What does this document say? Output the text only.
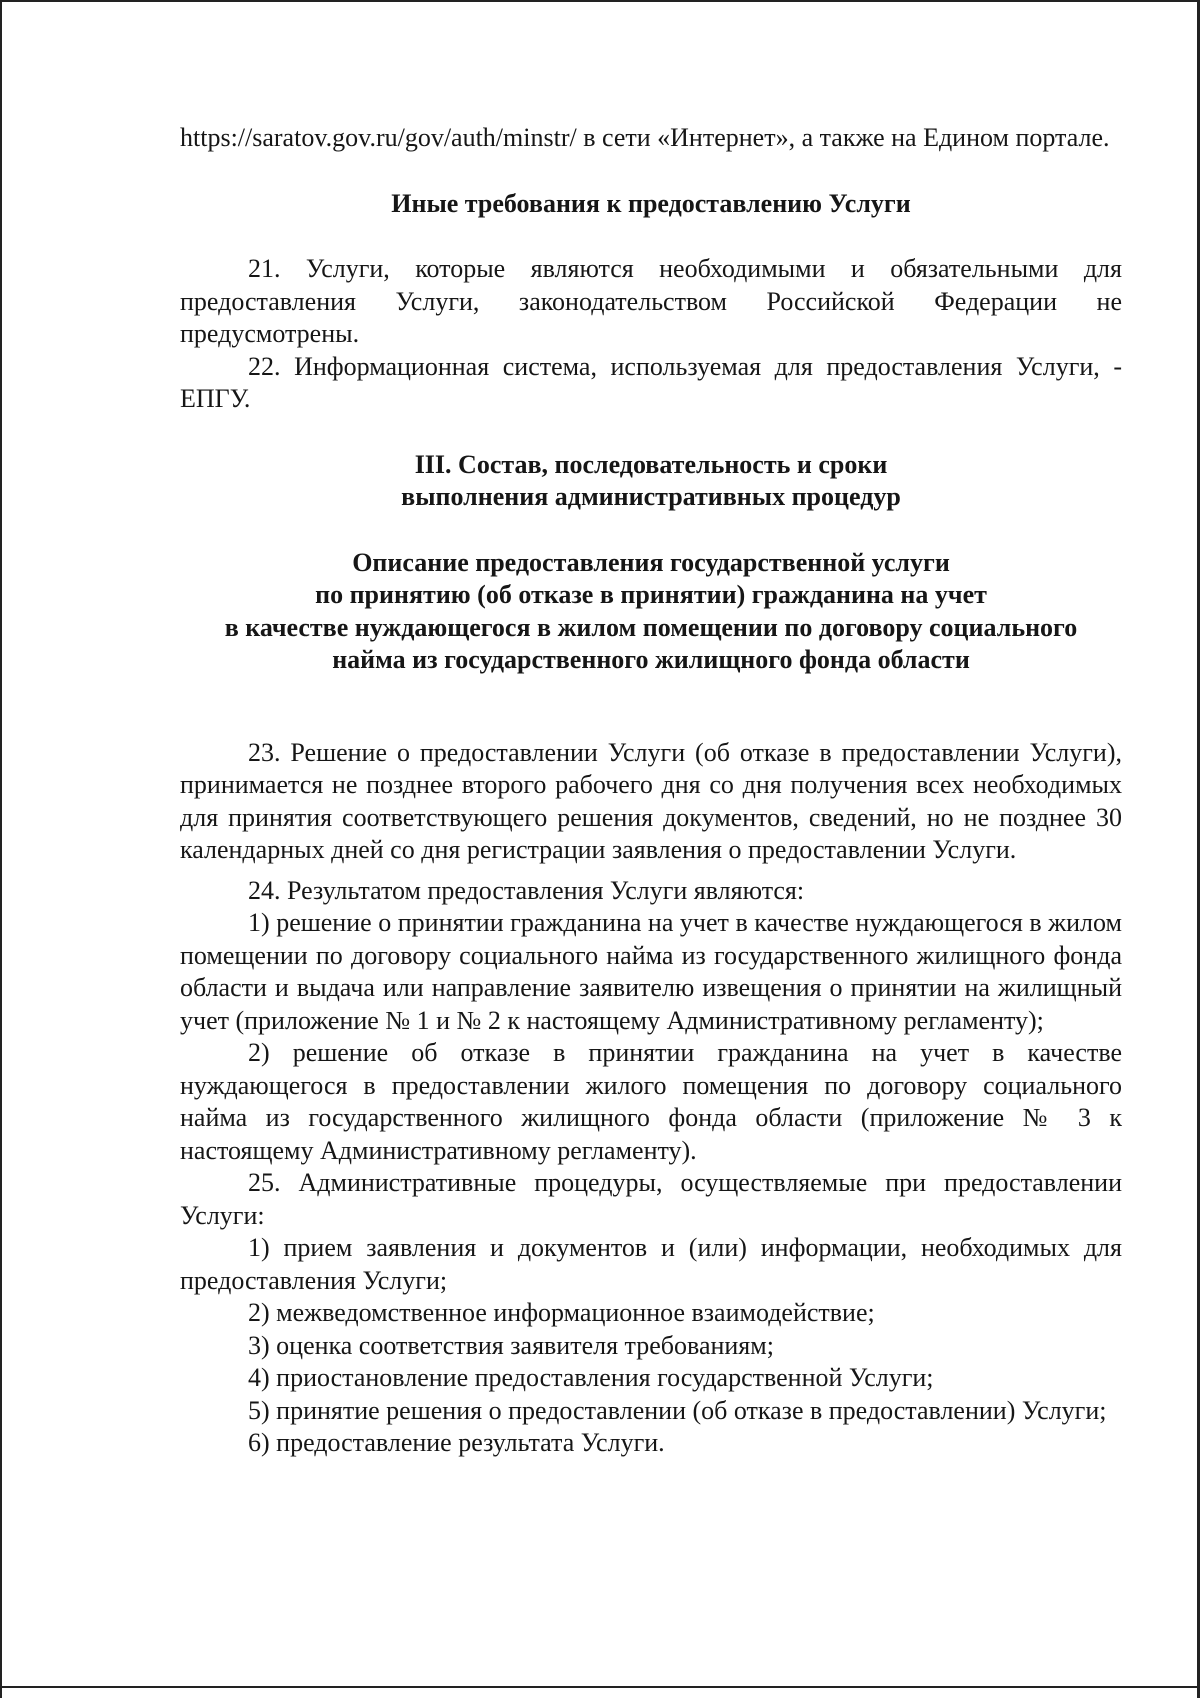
https://saratov.gov.ru/gov/auth/minstr/ в сети «Интернет», а также на Едином портале.

Иные требования к предоставлению Услуги

21. Услуги, которые являются необходимыми и обязательными для предоставления Услуги, законодательством Российской Федерации не предусмотрены.

22. Информационная система, используемая для предоставления Услуги, - ЕПГУ.

III. Состав, последовательность и сроки
выполнения административных процедур

Описание предоставления государственной услуги
по принятию (об отказе в принятии) гражданина на учет
в качестве нуждающегося в жилом помещении по договору социального
найма из государственного жилищного фонда области

23. Решение о предоставлении Услуги (об отказе в предоставлении Услуги), принимается не позднее второго рабочего дня со дня получения всех необходимых для принятия соответствующего решения документов, сведений, но не позднее 30 календарных дней со дня регистрации заявления о предоставлении Услуги.

24. Результатом предоставления Услуги являются:

1) решение о принятии гражданина на учет в качестве нуждающегося в жилом помещении по договору социального найма из государственного жилищного фонда области и выдача или направление заявителю извещения о принятии на жилищный учет (приложение № 1 и № 2 к настоящему Административному регламенту);

2) решение об отказе в принятии гражданина на учет в качестве нуждающегося в предоставлении жилого помещения по договору социального найма из государственного жилищного фонда области (приложение № 3 к настоящему Административному регламенту).

25. Административные процедуры, осуществляемые при предоставлении Услуги:

1) прием заявления и документов и (или) информации, необходимых для предоставления Услуги;

2) межведомственное информационное взаимодействие;

3) оценка соответствия заявителя требованиям;

4) приостановление предоставления государственной Услуги;

5) принятие решения о предоставлении (об отказе в предоставлении) Услуги;

6) предоставление результата Услуги.
